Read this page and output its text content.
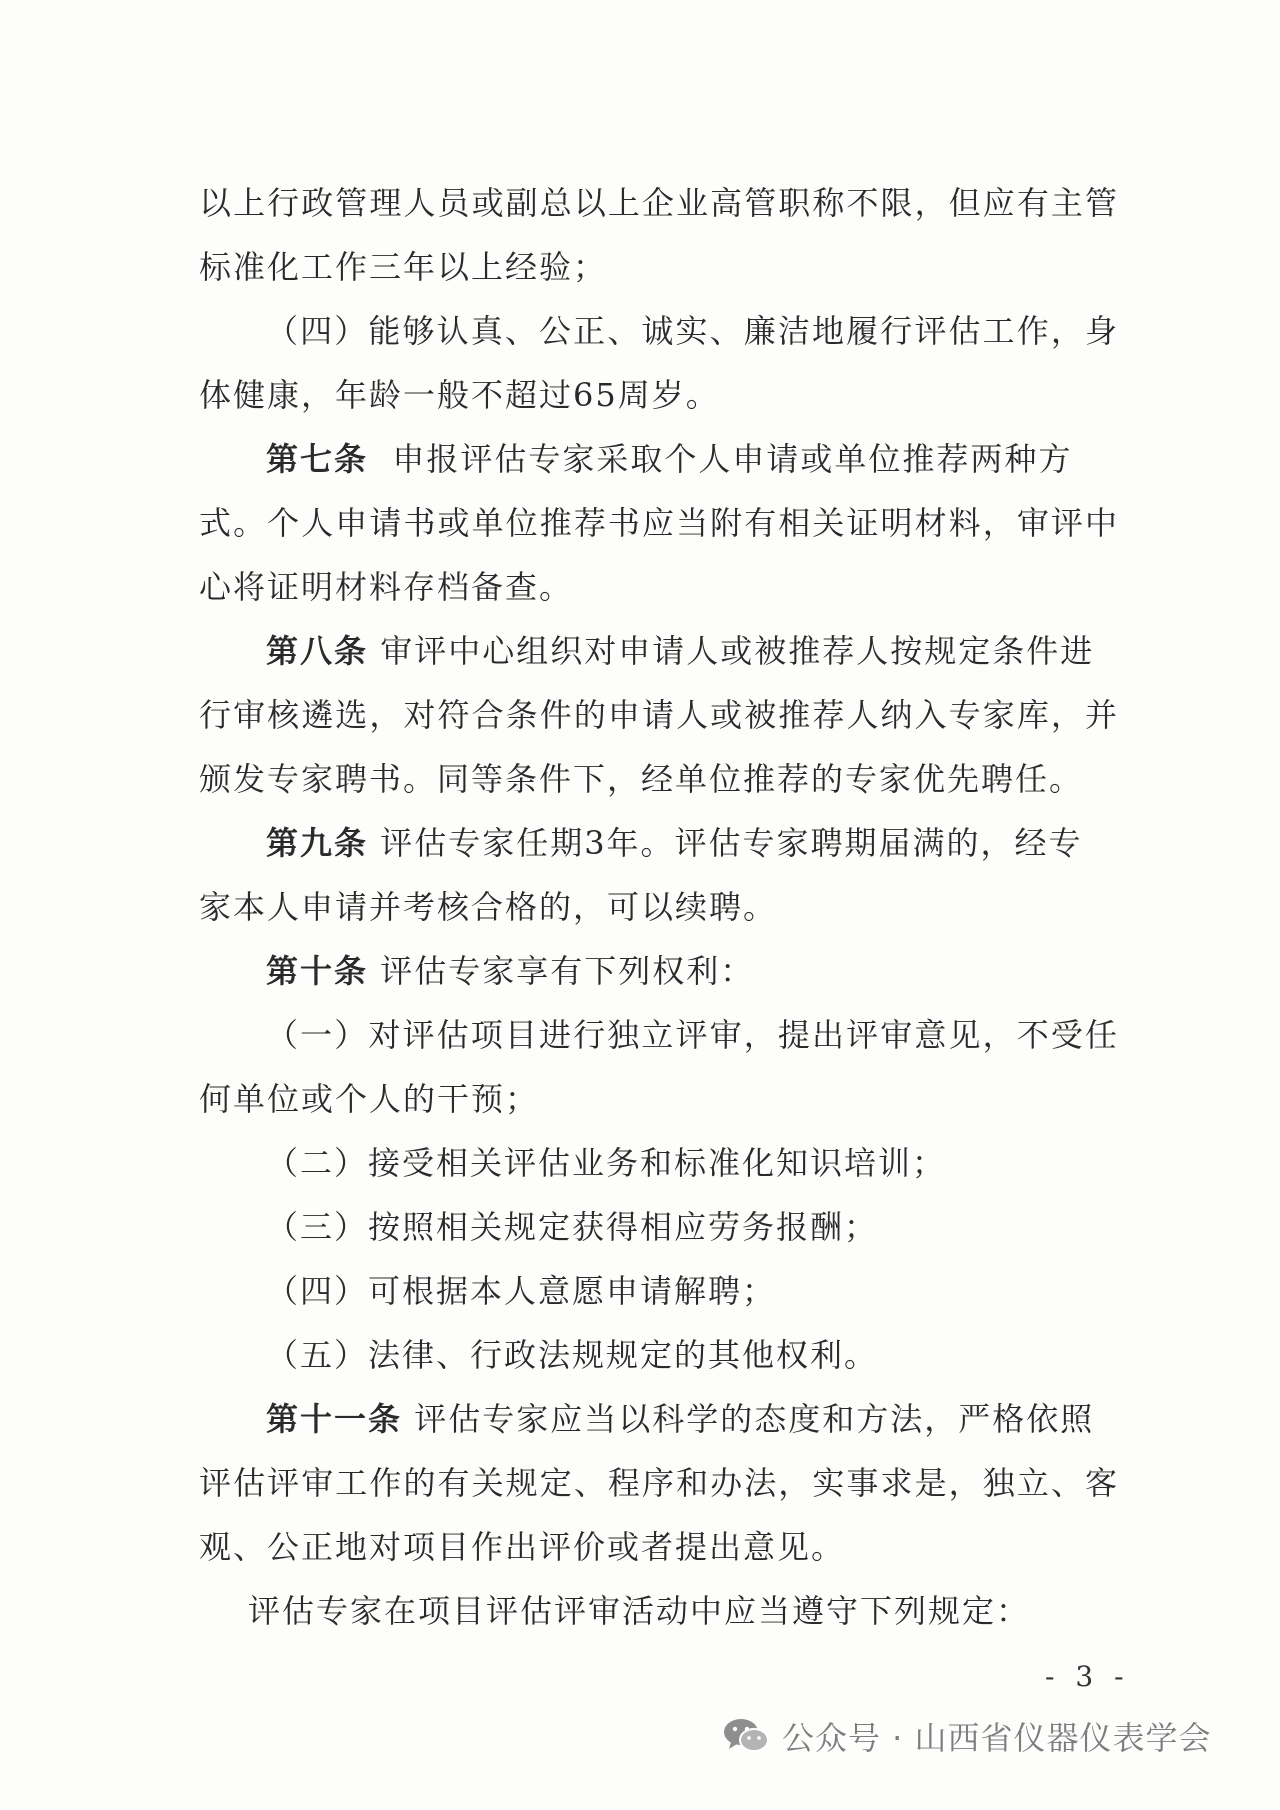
以上行政管理人员或副总以上企业高管职称不限，但应有主管
标准化工作三年以上经验；
（四）能够认真、公正、诚实、廉洁地履行评估工作，身
体健康，年龄一般不超过65周岁。
第七条 申报评估专家采取个人申请或单位推荐两种方
式。个人申请书或单位推荐书应当附有相关证明材料，审评中
心将证明材料存档备查。
第八条 审评中心组织对申请人或被推荐人按规定条件进
行审核遴选，对符合条件的申请人或被推荐人纳入专家库，并
颁发专家聘书。同等条件下，经单位推荐的专家优先聘任。
第九条 评估专家任期3年。评估专家聘期届满的，经专
家本人申请并考核合格的，可以续聘。
第十条 评估专家享有下列权利：
（一）对评估项目进行独立评审，提出评审意见，不受任
何单位或个人的干预；
（二）接受相关评估业务和标准化知识培训；
（三）按照相关规定获得相应劳务报酬；
（四）可根据本人意愿申请解聘；
（五）法律、行政法规规定的其他权利。
第十一条 评估专家应当以科学的态度和方法，严格依照
评估评审工作的有关规定、程序和办法，实事求是，独立、客
观、公正地对项目作出评价或者提出意见。
评估专家在项目评估评审活动中应当遵守下列规定：
- 3 -
公众号 · 山西省仪器仪表学会
